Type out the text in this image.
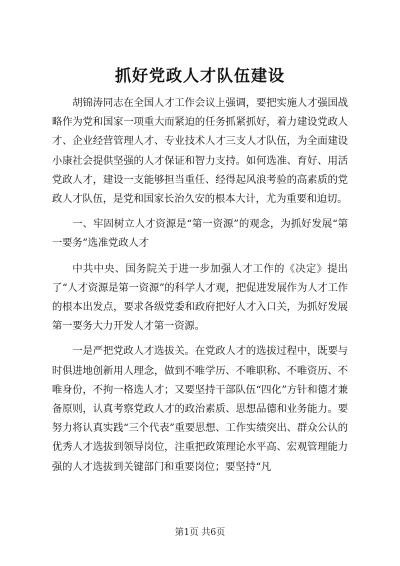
抓好党政人才队伍建设

胡锦涛同志在全国人才工作会议上强调，要把实施人才强国战略作为党和国家一项重大而紧迫的任务抓紧抓好，着力建设党政人才、企业经营管理人才、专业技术人才三支人才队伍，为全面建设小康社会提供坚强的人才保证和智力支持。如何选准、育好、用活党政人才，建设一支能够担当重任、经得起风浪考验的高素质的党政人才队伍，是党和国家长治久安的根本大计，尤为重要和迫切。

一、牢固树立人才资源是“第一资源”的观念，为抓好发展“第一要务”选准党政人才

中共中央、国务院关于进一步加强人才工作的《决定》提出了“人才资源是第一资源”的科学人才观，把促进发展作为人才工作的根本出发点，要求各级党委和政府把好人才入口关，为抓好发展第一要务大力开发人才第一资源。

一是严把党政人才选拔关。在党政人才的选拔过程中，既要与时俱进地创新用人理念，做到不唯学历、不唯职称、不唯资历、不唯身份，不拘一格选人才；又要坚持干部队伍“四化”方针和德才兼备原则，认真考察党政人才的政治素质、思想品德和业务能力。要努力将认真实践“三个代表”重要思想、工作实绩突出、群众公认的优秀人才选拔到领导岗位，注重把政策理论水平高、宏观管理能力强的人才选拔到关键部门和重要岗位；要坚持“凡

第1页 共6页
